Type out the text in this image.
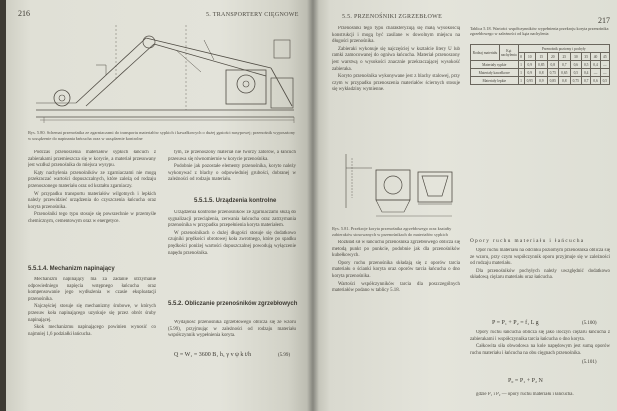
216	5. TRANSPORTERY CIĘGNOWE
Rys. 5.80. Schemat przenośnika ze zgarniaczami do transportu materiałów sypkich i kawałkowych o dużej gęstości nasypowej; przenośnik wyposażony w urządzenie do napinania łańcucha oraz w urządzenie kontrolne

Podczas przenoszenia materiałów sypkich łańcuch z zabierakami przemieszcza się w korycie, a materiał przesuwany jest wzdłuż przenośnika do miejsca wysypu.

Kąty nachylenia przenośników ze zgarniaczami nie mogą przekraczać wartości dopuszczalnych, które zależą od rodzaju przenoszonego materiału oraz od kształtu zgarniaczy.

W przypadku transportu materiałów wilgotnych i lepkich należy przewidzieć urządzenia do czyszczenia łańcucha oraz koryta przenośnika.

Przenośniki tego typu stosuje się powszechnie w przemyśle chemicznym, cementowym oraz w energetyce.

5.5.1.4. Mechanizm napinający

Mechanizm napinający ma za zadanie utrzymanie odpowiedniego napięcia wstępnego łańcucha oraz kompensowanie jego wydłużenia w czasie eksploatacji przenośnika.

Najczęściej stosuje się mechanizmy śrubowe, w których przesuw koła napinającego uzyskuje się przez obrót śruby napinającej.

Skok mechanizmu napinającego powinien wynosić co najmniej 1,6 podziałki łańcucha.

tym, że przenoszony materiał nie tworzy zatorów, a łańcuch przesuwa się równomiernie w korycie przenośnika.

Podobnie jak pozostałe elementy przenośnika, koryto należy wykonywać z blachy o odpowiedniej grubości, dobranej w zależności od rodzaju materiału.

5.5.1.5. Urządzenia kontrolne

Urządzenia kontrolne przenośników ze zgarniaczami służą do sygnalizacji przeciążenia, zerwania łańcucha oraz zatrzymania przenośnika w przypadku przepełnienia koryta materiałem.

W przenośnikach o dużej długości stosuje się dodatkowo czujniki prędkości obrotowej koła zwrotnego, które po spadku prędkości poniżej wartości dopuszczalnej powodują wyłączenie napędu przenośnika.

5.5.2. Obliczanie przenośników zgrzebłowych

Wydajność przenośnika zgrzebłowego oblicza się ze wzoru (5.99), przyjmując w zależności od rodzaju materiału współczynnik wypełnienia koryta.

Q = W₁ = 3600 B₁ h₁ γ v ψ k t/h	(5.99)
5.5. PRZENOŚNIKI ZGRZEBŁOWE	217

Przenośniki tego typu charakteryzują się małą wysokością konstrukcji i mogą być zasilane w dowolnym miejscu na długości przenośnika.

Zabieraki wykonuje się najczęściej w kształcie litery U lub ramki zamocowanej do ogniwa łańcucha. Materiał przenoszony jest warstwą o wysokości znacznie przekraczającej wysokość zabieraka.

Koryto przenośnika wykonywane jest z blachy stalowej, przy czym w przypadku przenoszenia materiałów ściernych stosuje się wykładziny wymienne.

Rys. 5.81. Przekroje koryta przenośnika zgrzebłowego oraz kształty zabieraków stosowanych w przenośnikach do materiałów sypkich

Rozkład sił w łańcuchu przenośnika zgrzebłowego oblicza się metodą punkt po punkcie, podobnie jak dla przenośników kubełkowych.

Opory ruchu przenośnika składają się z oporów tarcia materiału o ścianki koryta oraz oporów tarcia łańcucha o dno koryta przenośnika.

Wartości współczynników tarcia dla poszczególnych materiałów podano w tablicy 5.18.

Tablica 5.18. Wartości współczynników wypełnienia przekroju koryta przenośnika zgrzebłowego w zależności od kąta nachylenia
Rodzaj materiału	Kąt nachylenia	Przenośnik poziomy i pochyły								
		0	10	15	20	25	30	35	40	45
Materiały sypkie		1	0,9	0,85	0,8	0,7	0,6	0,5	0,4	—
Materiały kawałkowe		1	0,9	0,8	0,75	0,65	0,5	0,4	—	—
Materiały lepkie		1	0,95	0,9	0,85	0,8	0,75	0,7	0,6	0,5
Opory ruchu materiału i łańcucha

Opór ruchu materiału na odcinku poziomym przenośnika oblicza się ze wzoru, przy czym współczynnik oporu przyjmuje się w zależności od rodzaju materiału.

Dla przenośników pochyłych należy uwzględnić dodatkowo składową ciężaru materiału oraz łańcucha.

P = P₁ + P₂ = f₁ L g	(5.100)

Opory ruchu łańcucha oblicza się jako iloczyn ciężaru łańcucha z zabierakami i współczynnika tarcia łańcucha o dno koryta.

Całkowita siła obwodowa na kole napędowym jest sumą oporów ruchu materiału i łańcucha na obu cięgnach przenośnika.

(5.101)
P₀ = P₁ + P₂ N

gdzie P₁ i P₂ — opory ruchu materiału i łańcucha.
